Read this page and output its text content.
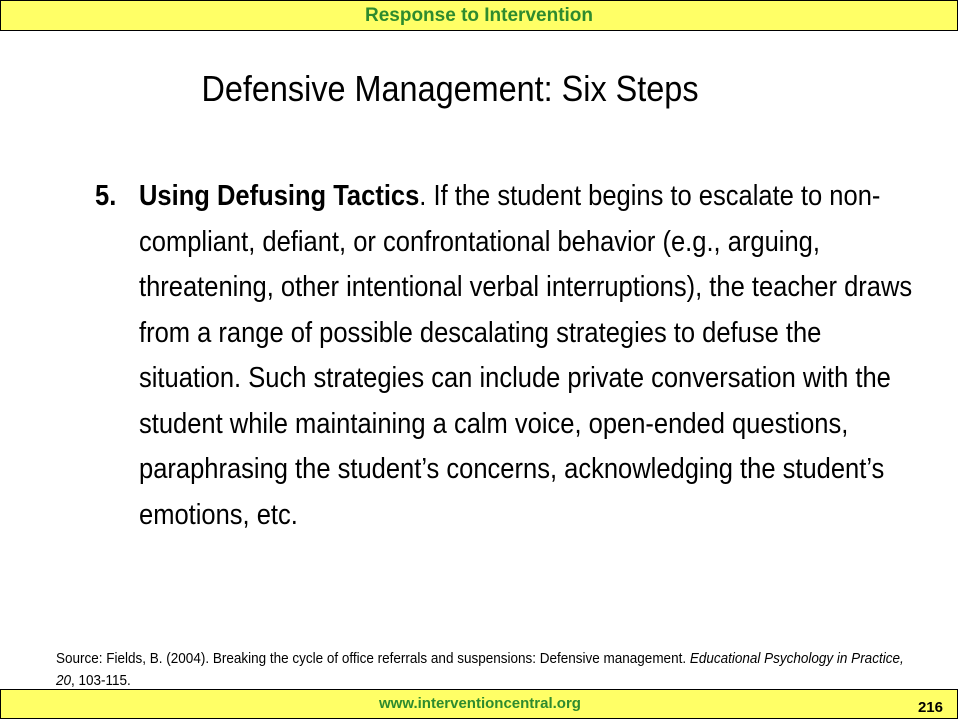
Response to Intervention
Defensive Management: Six Steps
5. Using Defusing Tactics. If the student begins to escalate to non-compliant, defiant, or confrontational behavior (e.g., arguing, threatening, other intentional verbal interruptions), the teacher draws from a range of possible descalating strategies to defuse the situation. Such strategies can include private conversation with the student while maintaining a calm voice, open-ended questions, paraphrasing the student’s concerns, acknowledging the student’s emotions, etc.
Source: Fields, B. (2004). Breaking the cycle of office referrals and suspensions: Defensive management. Educational Psychology in Practice, 20, 103-115.
www.interventioncentral.org	216
